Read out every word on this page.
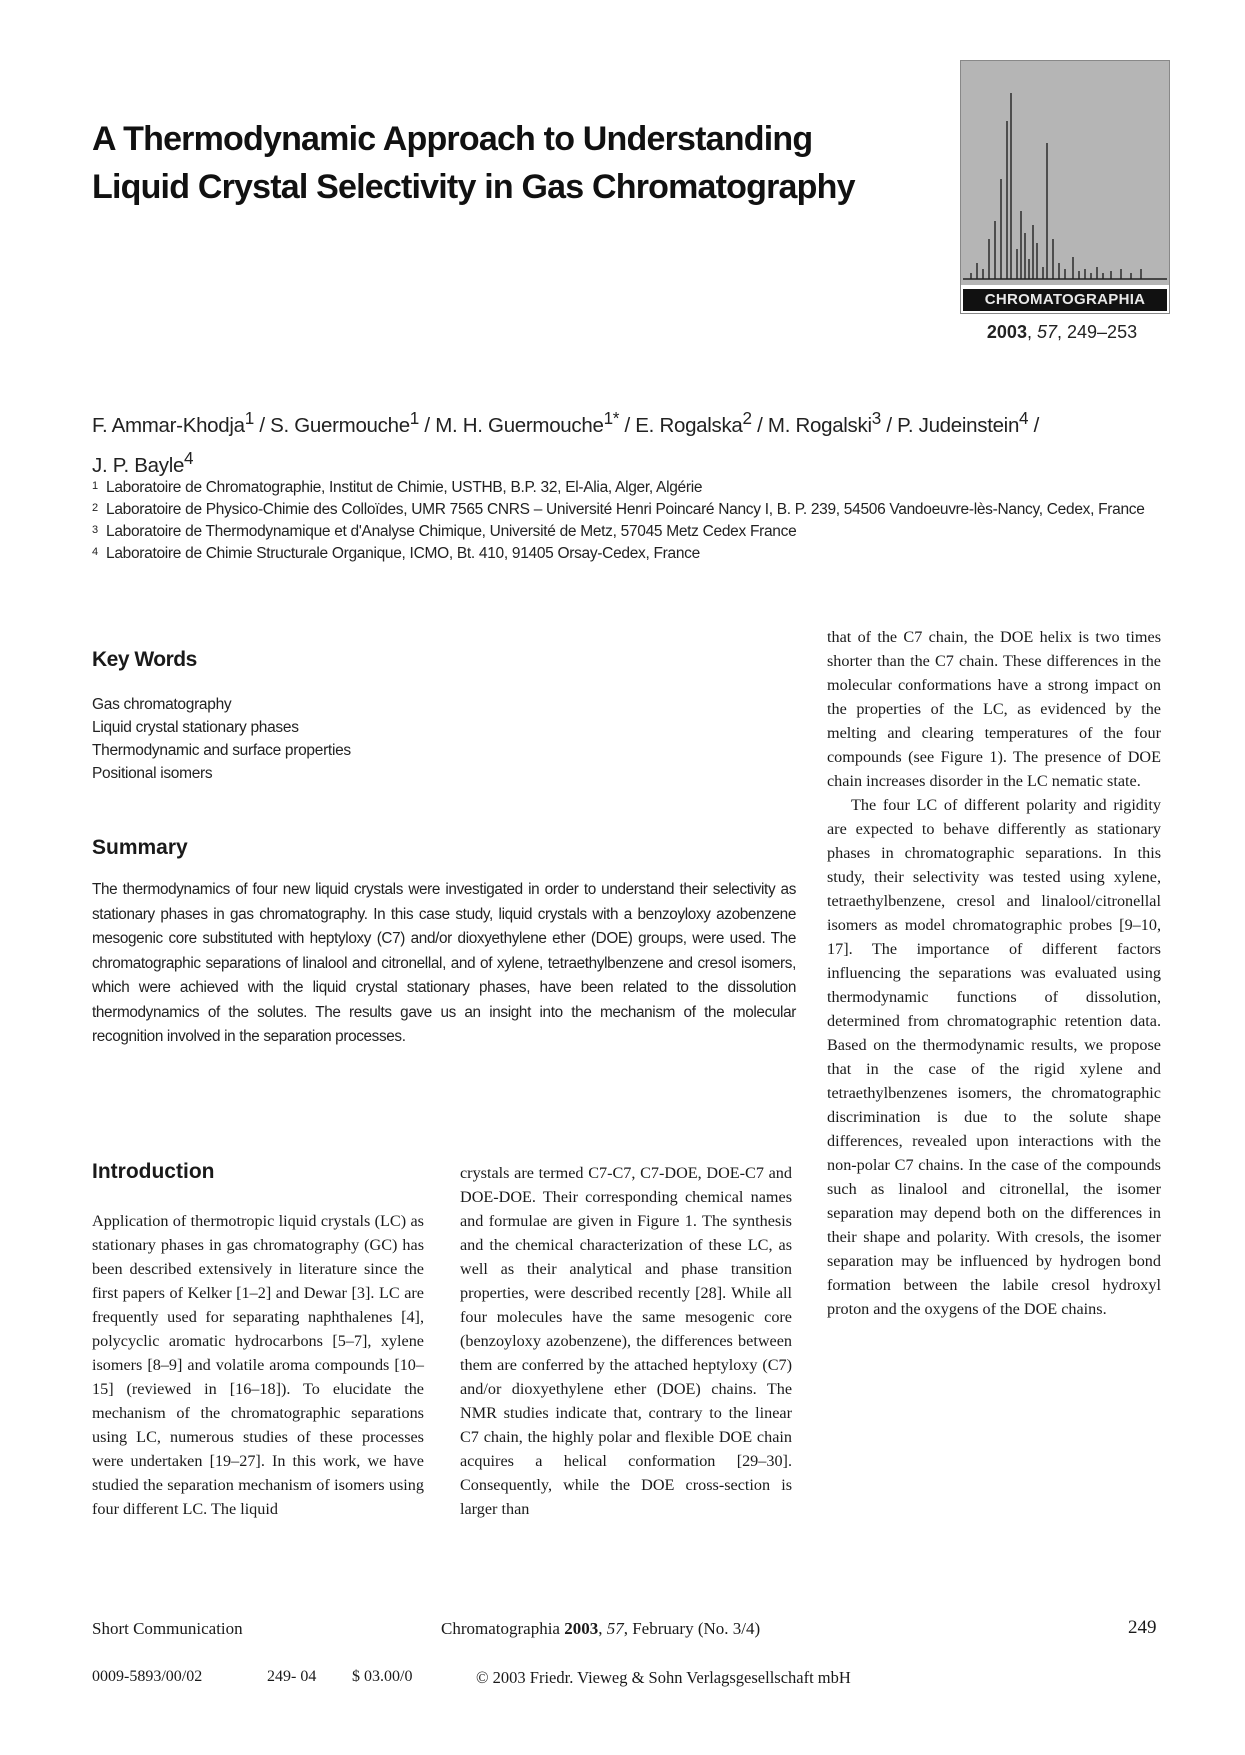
A Thermodynamic Approach to Understanding
Liquid Crystal Selectivity in Gas Chromatography
CHROMATOGRAPHIA
2003, 57, 249–253
F. Ammar-Khodja$^1$ / S. Guermouche$^1$ / M. H. Guermouche$^{1*}$ / E. Rogalska$^2$ / M. Rogalski$^3$ / P. Judeinstein$^4$ /
J. P. Bayle$^4$
1 Laboratoire de Chromatographie, Institut de Chimie, USTHB, B.P. 32, El-Alia, Alger, Algérie
2 Laboratoire de Physico-Chimie des Colloïdes, UMR 7565 CNRS – Université Henri Poincaré Nancy I, B. P. 239, 54506 Vandoeuvre-lès-Nancy, Cedex, France
3 Laboratoire de Thermodynamique et d'Analyse Chimique, Université de Metz, 57045 Metz Cedex France
4 Laboratoire de Chimie Structurale Organique, ICMO, Bt. 410, 91405 Orsay-Cedex, France
Key Words
Gas chromatography
Liquid crystal stationary phases
Thermodynamic and surface properties
Positional isomers
Summary
The thermodynamics of four new liquid crystals were investigated in order to understand their selectivity as stationary phases in gas chromatography. In this case study, liquid crystals with a benzoyloxy azobenzene mesogenic core substituted with heptyloxy (C7) and/or dioxyethylene ether (DOE) groups, were used. The chromatographic separations of linalool and citronellal, and of xylene, tetraethylbenzene and cresol isomers, which were achieved with the liquid crystal stationary phases, have been related to the dissolution thermodynamics of the solutes. The results gave us an insight into the mechanism of the molecular recognition involved in the separation processes.
Introduction

Application of thermotropic liquid crystals (LC) as stationary phases in gas chromatography (GC) has been described extensively in literature since the first papers of Kelker [1–2] and Dewar [3]. LC are frequently used for separating naphthalenes [4], polycyclic aromatic hydrocarbons [5–7], xylene isomers [8–9] and volatile aroma compounds [10–15] (reviewed in [16–18]). To elucidate the mechanism of the chromatographic separations using LC, numerous studies of these processes were undertaken [19–27]. In this work, we have studied the separation mechanism of isomers using four different LC. The liquid

crystals are termed C7-C7, C7-DOE, DOE-C7 and DOE-DOE. Their corresponding chemical names and formulae are given in Figure 1. The synthesis and the chemical characterization of these LC, as well as their analytical and phase transition properties, were described recently [28]. While all four molecules have the same mesogenic core (benzoyloxy azobenzene), the differences between them are conferred by the attached heptyloxy (C7) and/or dioxyethylene ether (DOE) chains. The NMR studies indicate that, contrary to the linear C7 chain, the highly polar and flexible DOE chain acquires a helical conformation [29–30]. Consequently, while the DOE cross-section is larger than

that of the C7 chain, the DOE helix is two times shorter than the C7 chain. These differences in the molecular conformations have a strong impact on the properties of the LC, as evidenced by the melting and clearing temperatures of the four compounds (see Figure 1). The presence of DOE chain increases disorder in the LC nematic state.

The four LC of different polarity and rigidity are expected to behave differently as stationary phases in chromatographic separations. In this study, their selectivity was tested using xylene, tetraethylbenzene, cresol and linalool/citronellal isomers as model chromatographic probes [9–10, 17]. The importance of different factors influencing the separations was evaluated using thermodynamic functions of dissolution, determined from chromatographic retention data. Based on the thermodynamic results, we propose that in the case of the rigid xylene and tetraethylbenzenes isomers, the chromatographic discrimination is due to the solute shape differences, revealed upon interactions with the non-polar C7 chains. In the case of the compounds such as linalool and citronellal, the isomer separation may depend both on the differences in their shape and polarity. With cresols, the isomer separation may be influenced by hydrogen bond formation between the labile cresol hydroxyl proton and the oxygens of the DOE chains.

Short Communication	Chromatographia 2003, 57, February (No. 3/4)	249
0009-5893/00/02	249- 04 $ 03.00/0	© 2003 Friedr. Vieweg & Sohn Verlagsgesellschaft mbH
